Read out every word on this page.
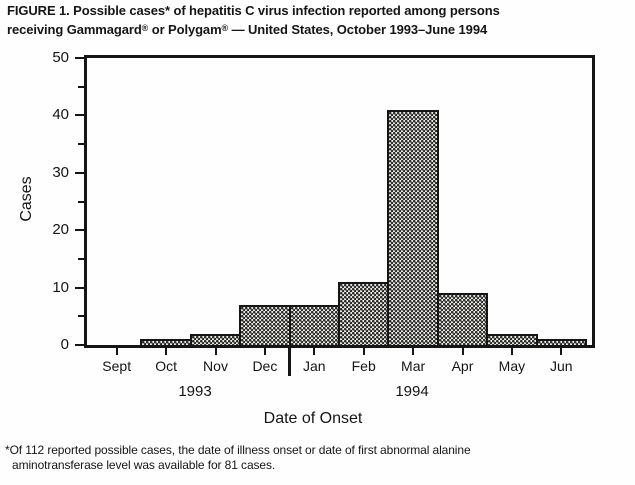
FIGURE 1. Possible cases* of hepatitis C virus infection reported among persons
receiving Gammagard® or Polygam® — United States, October 1993–June 1994
Cases
0
10
20
30
40
50
Sept	Oct	Nov	Dec	Jan	Feb	Mar	Apr	May	Jun
1993	1994
Date of Onset
*Of 112 reported possible cases, the date of illness onset or date of first abnormal alanine
aminotransferase level was available for 81 cases.
